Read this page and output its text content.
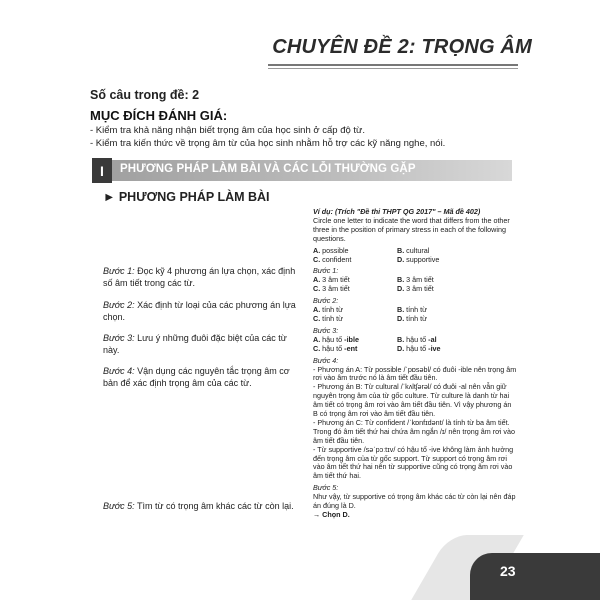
CHUYÊN ĐỀ 2: TRỌNG ÂM
Số câu trong đề: 2
MỤC ĐÍCH ĐÁNH GIÁ:
- Kiểm tra khả năng nhận biết trọng âm của học sinh ở cấp độ từ.
- Kiểm tra kiến thức về trọng âm từ của học sinh nhằm hỗ trợ các kỹ năng nghe, nói.
I	PHƯƠNG PHÁP LÀM BÀI VÀ CÁC LỖI THƯỜNG GẶP
► PHƯƠNG PHÁP LÀM BÀI
Bước 1: Đọc kỹ 4 phương án lựa chọn, xác định số âm tiết trong các từ.
Bước 2: Xác định từ loại của các phương án lựa chọn.
Bước 3: Lưu ý những đuôi đặc biệt của các từ này.
Bước 4: Vận dụng các nguyên tắc trọng âm cơ bản để xác định trọng âm của các từ.
Bước 5: Tìm từ có trọng âm khác các từ còn lại.
Ví dụ: (Trích "Đề thi THPT QG 2017" – Mã đề 402)

Circle one letter to indicate the word that differs from the other three in the position of primary stress in each of the following questions.

A. possible	B. cultural
C. confident	D. supportive
Bước 1:
A. 3 âm tiết	B. 3 âm tiết
C. 3 âm tiết	D. 3 âm tiết
Bước 2:
A. tính từ	B. tính từ
C. tính từ	D. tính từ
Bước 3:
A. hậu tố -ible	B. hậu tố -al
C. hậu tố -ent	D. hậu tố -ive
Bước 4:

- Phương án A: Từ possible /ˈpɒsəbl/ có đuôi -ible nên trọng âm rơi vào âm trước nó là âm tiết đầu tiên.

- Phương án B: Từ cultural /ˈkʌltʃərəl/ có đuôi -al nên vẫn giữ nguyên trọng âm của từ gốc culture. Từ culture là danh từ hai âm tiết có trọng âm rơi vào âm tiết đầu tiên. Vì vậy phương án B có trọng âm rơi vào âm tiết đầu tiên.

- Phương án C: Từ confident /ˈkɒnfɪdənt/ là tính từ ba âm tiết. Trong đó âm tiết thứ hai chứa âm ngắn /ɪ/ nên trọng âm rơi vào âm tiết đầu tiên.

- Từ supportive /səˈpɔːtɪv/ có hậu tố -ive không làm ảnh hưởng đến trọng âm của từ gốc support. Từ support có trọng âm rơi vào âm tiết thứ hai nên từ supportive cũng có trọng âm rơi vào âm tiết thứ hai.

Bước 5:

Như vậy, từ supportive có trọng âm khác các từ còn lại nên đáp án đúng là D.

→ Chọn D.

23
